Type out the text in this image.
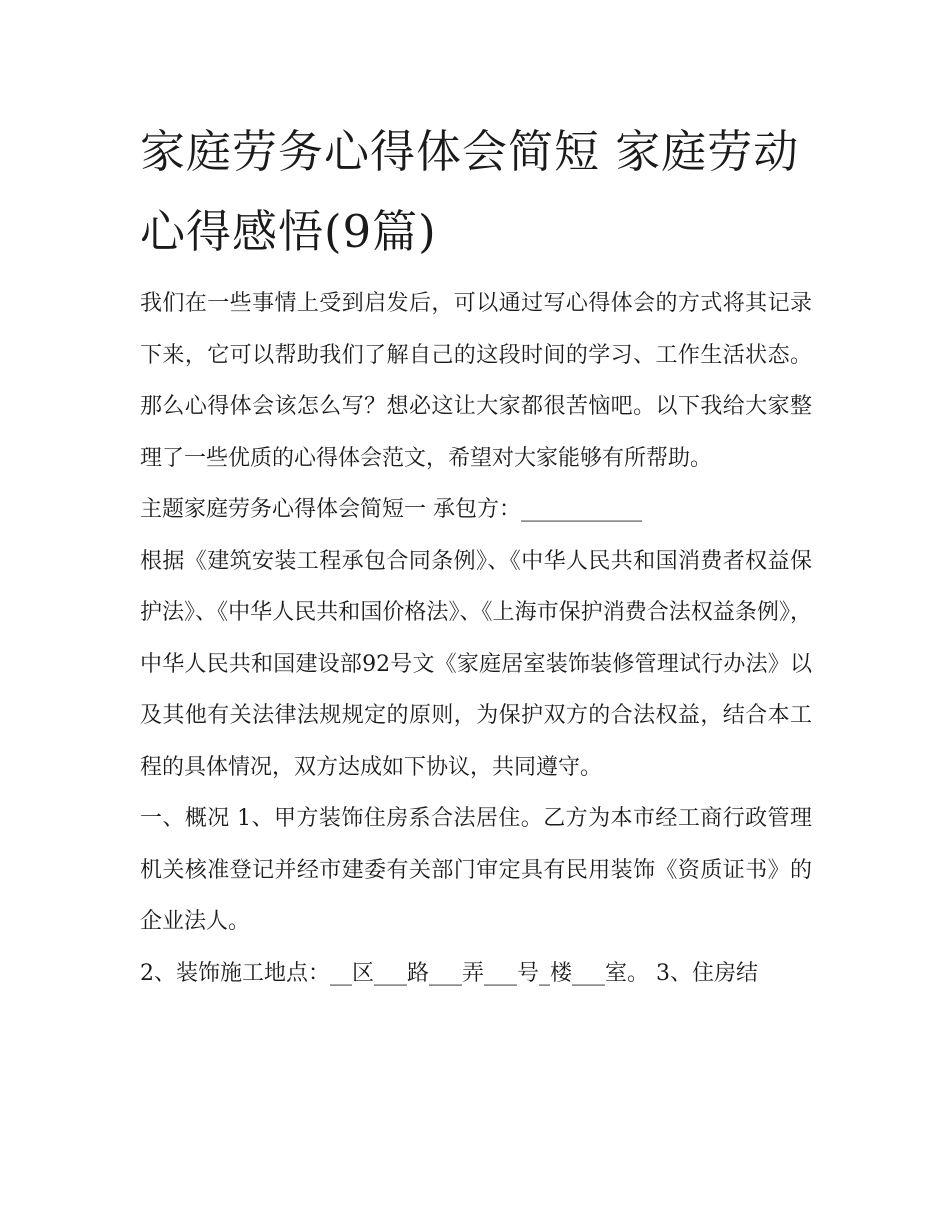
家庭劳务心得体会简短 家庭劳动心得感悟(9篇)

我们在一些事情上受到启发后，可以通过写心得体会的方式将其记录下来，它可以帮助我们了解自己的这段时间的学习、工作生活状态。那么心得体会该怎么写？想必这让大家都很苦恼吧。以下我给大家整理了一些优质的心得体会范文，希望对大家能够有所帮助。

主题家庭劳务心得体会简短一 承包方：___________

根据《建筑安装工程承包合同条例》、《中华人民共和国消费者权益保护法》、《中华人民共和国价格法》、《上海市保护消费合法权益条例》，中华人民共和国建设部92号文《家庭居室装饰装修管理试行办法》以及其他有关法律法规规定的原则，为保护双方的合法权益，结合本工程的具体情况，双方达成如下协议，共同遵守。

一、概况 1、甲方装饰住房系合法居住。乙方为本市经工商行政管理机关核准登记并经市建委有关部门审定具有民用装饰《资质证书》的企业法人。

2、装饰施工地点：__区___路___弄___号_楼___室。 3、住房结
